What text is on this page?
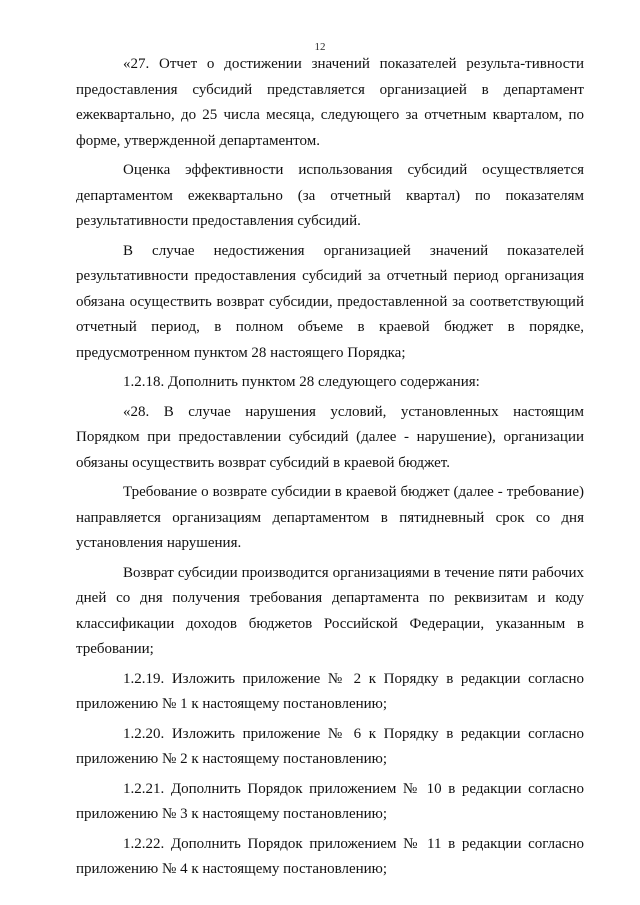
12

«27. Отчет о достижении значений показателей результа-тивности предоставления субсидий представляется организацией в департамент ежеквартально, до 25 числа месяца, следующего за отчетным кварталом, по форме, утвержденной департаментом.

Оценка эффективности использования субсидий осуществляется департаментом ежеквартально (за отчетный квартал) по показателям результативности предоставления субсидий.

В случае недостижения организацией значений показателей результативности предоставления субсидий за отчетный период организация обязана осуществить возврат субсидии, предоставленной за соответствующий отчетный период, в полном объеме в краевой бюджет в порядке, предусмотренном пунктом 28 настоящего Порядка;

1.2.18. Дополнить пунктом 28 следующего содержания:

«28. В случае нарушения условий, установленных настоящим Порядком при предоставлении субсидий (далее - нарушение), организации обязаны осуществить возврат субсидий в краевой бюджет.

Требование о возврате субсидии в краевой бюджет (далее - требование) направляется организациям департаментом в пятидневный срок со дня установления нарушения.

Возврат субсидии производится организациями в течение пяти рабочих дней со дня получения требования департамента по реквизитам и коду классификации доходов бюджетов Российской Федерации, указанным в требовании;

1.2.19. Изложить приложение № 2 к Порядку в редакции согласно приложению № 1 к настоящему постановлению;

1.2.20. Изложить приложение № 6 к Порядку в редакции согласно приложению № 2 к настоящему постановлению;

1.2.21. Дополнить Порядок приложением № 10 в редакции согласно приложению № 3 к настоящему постановлению;

1.2.22. Дополнить Порядок приложением № 11 в редакции согласно приложению № 4 к настоящему постановлению;
